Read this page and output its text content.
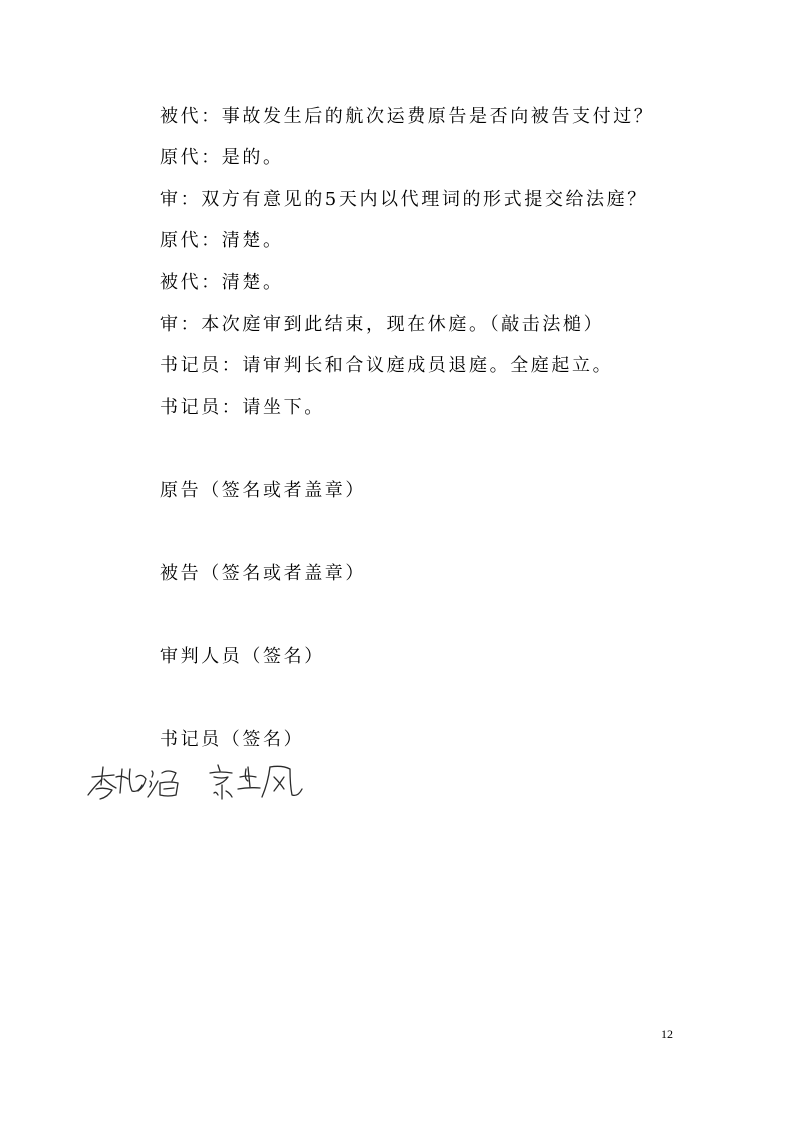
被代：事故发生后的航次运费原告是否向被告支付过？
原代：是的。
审：双方有意见的5天内以代理词的形式提交给法庭？
原代：清楚。
被代：清楚。
审：本次庭审到此结束，现在休庭。（敲击法槌）
书记员：请审判长和合议庭成员退庭。全庭起立。
书记员：请坐下。
原告（签名或者盖章）
被告（签名或者盖章）
审判人员（签名）
书记员（签名）
12
